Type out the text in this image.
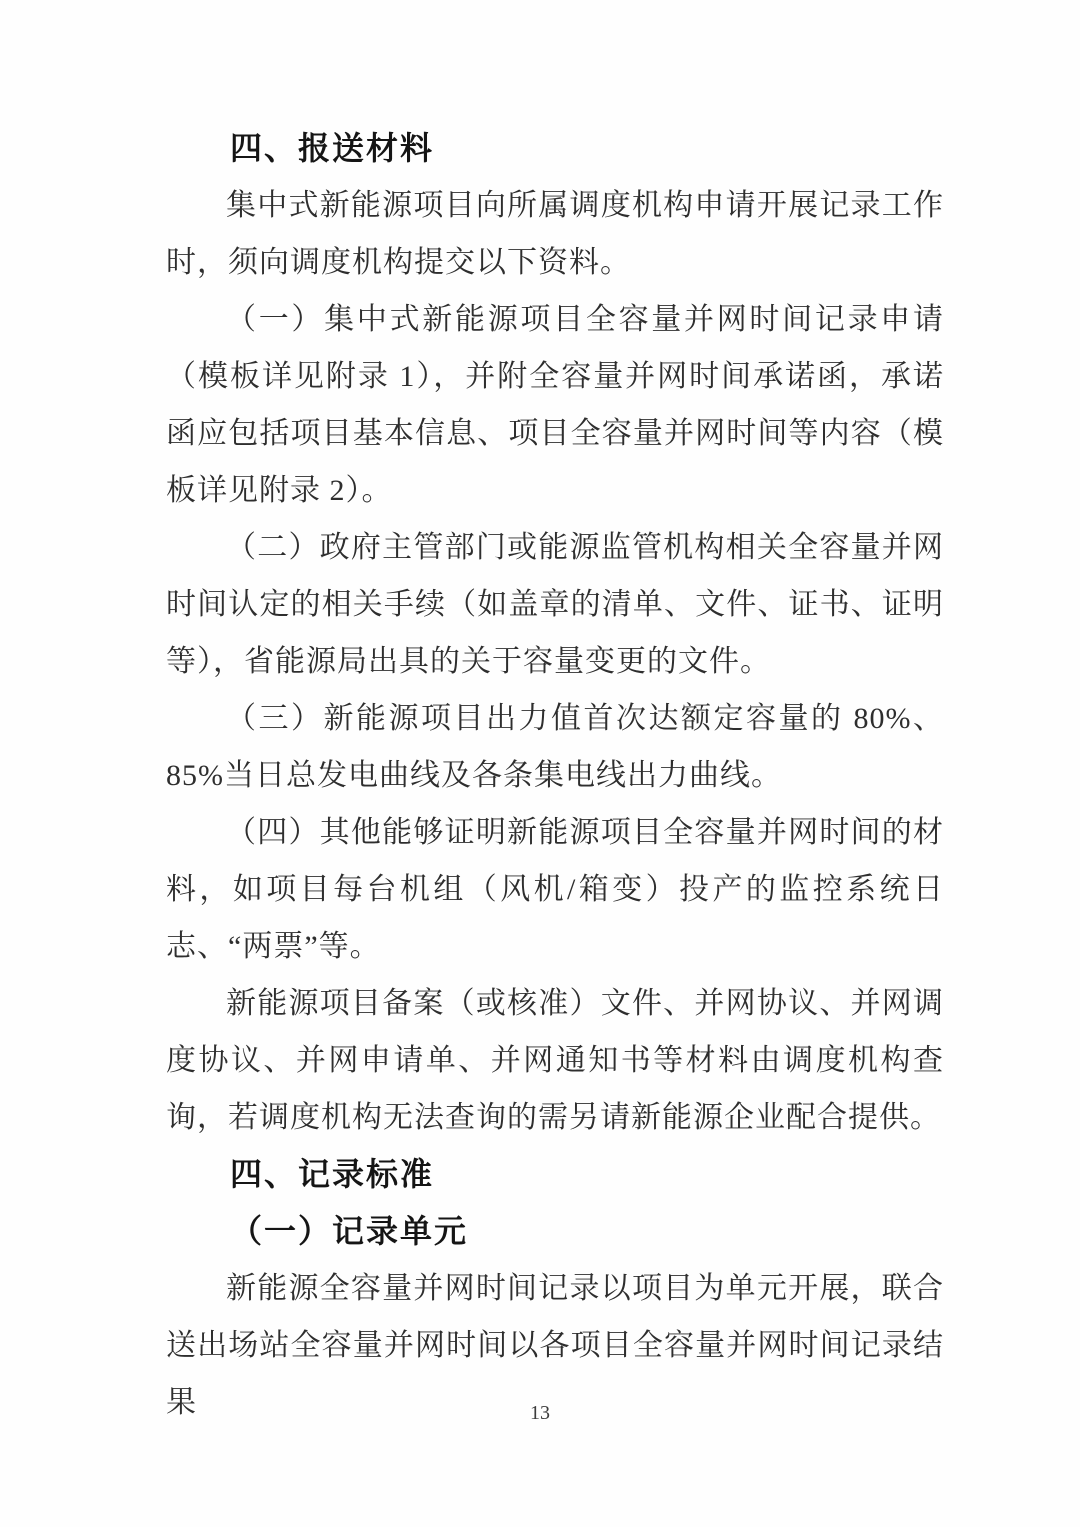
四、报送材料

集中式新能源项目向所属调度机构申请开展记录工作时，须向调度机构提交以下资料。

（一）集中式新能源项目全容量并网时间记录申请（模板详见附录 1），并附全容量并网时间承诺函，承诺函应包括项目基本信息、项目全容量并网时间等内容（模板详见附录 2）。

（二）政府主管部门或能源监管机构相关全容量并网时间认定的相关手续（如盖章的清单、文件、证书、证明等），省能源局出具的关于容量变更的文件。

（三）新能源项目出力值首次达额定容量的 80%、85%当日总发电曲线及各条集电线出力曲线。

（四）其他能够证明新能源项目全容量并网时间的材料，如项目每台机组（风机/箱变）投产的监控系统日志、“两票”等。

新能源项目备案（或核准）文件、并网协议、并网调度协议、并网申请单、并网通知书等材料由调度机构查询，若调度机构无法查询的需另请新能源企业配合提供。

四、记录标准
（一）记录单元

新能源全容量并网时间记录以项目为单元开展，联合送出场站全容量并网时间以各项目全容量并网时间记录结果	13
